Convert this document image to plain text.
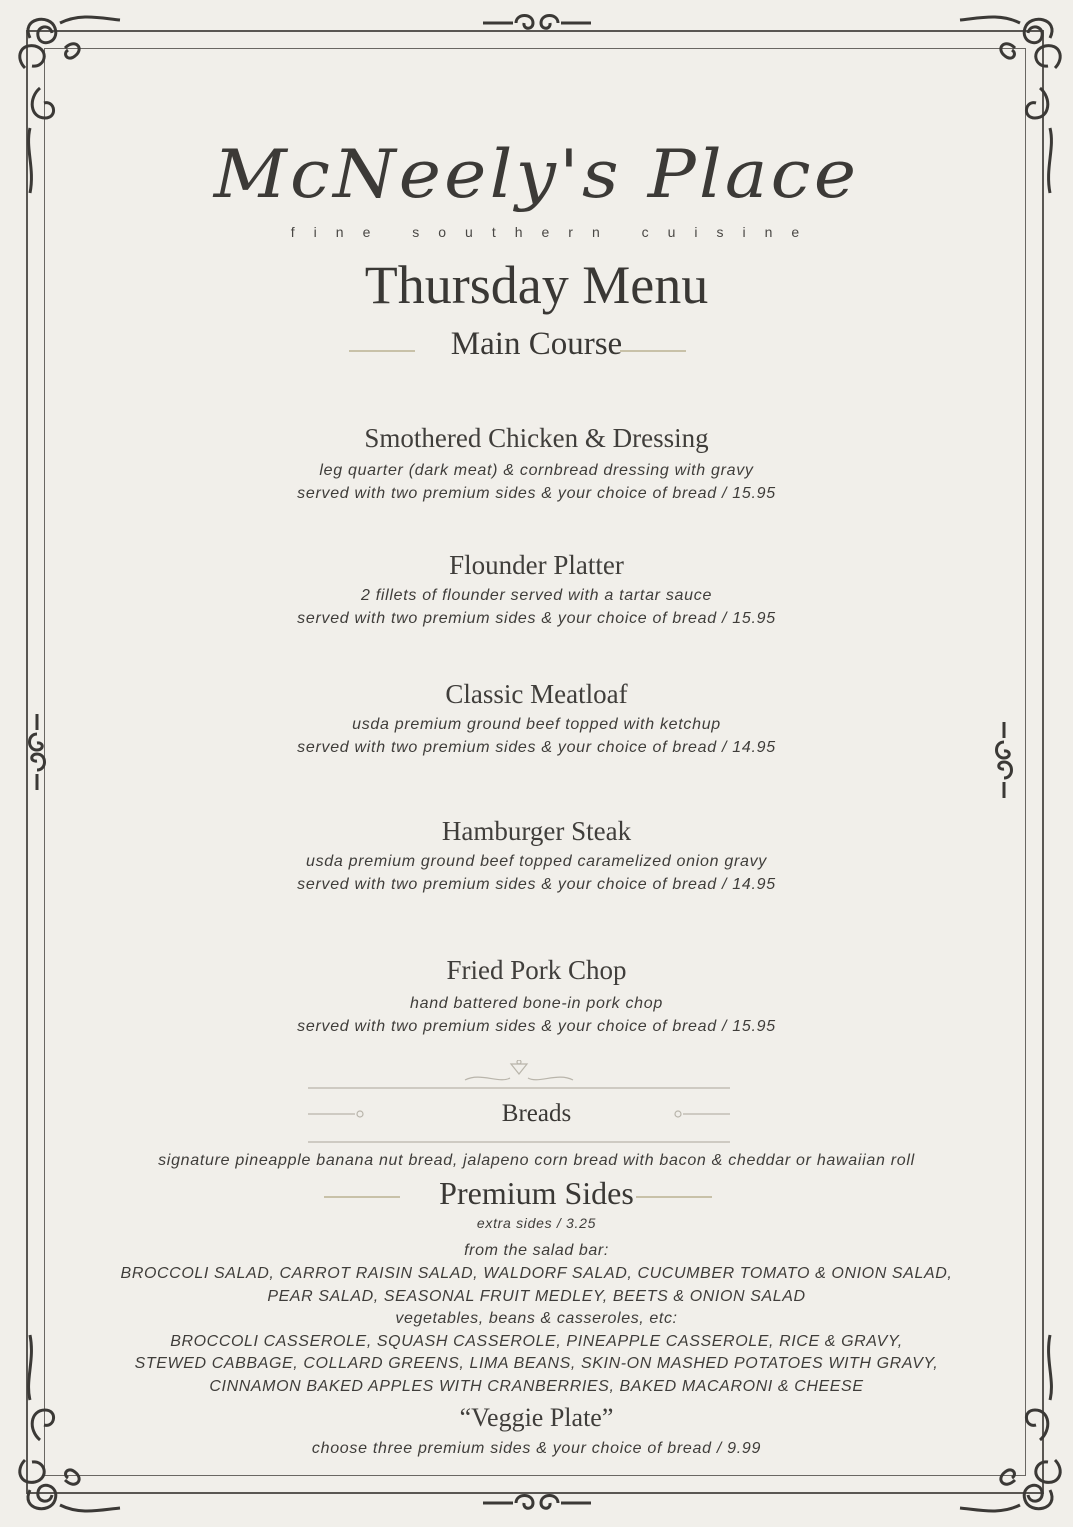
McNeely's Place
fine southern cuisine
Thursday Menu
Main Course
Smothered Chicken & Dressing
leg quarter (dark meat) & cornbread dressing with gravy
served with two premium sides & your choice of bread / 15.95
Flounder Platter
2 fillets of flounder served with a tartar sauce
served with two premium sides & your choice of bread / 15.95
Classic Meatloaf
usda premium ground beef topped with ketchup
served with two premium sides & your choice of bread / 14.95
Hamburger Steak
usda premium ground beef topped caramelized onion gravy
served with two premium sides & your choice of bread / 14.95
Fried Pork Chop
hand battered bone-in pork chop
served with two premium sides & your choice of bread / 15.95
Breads
signature pineapple banana nut bread, jalapeno corn bread with bacon & cheddar or hawaiian roll
Premium Sides
extra sides / 3.25
from the salad bar:
BROCCOLI SALAD, CARROT RAISIN SALAD, WALDORF SALAD, CUCUMBER TOMATO & ONION SALAD,
PEAR SALAD, SEASONAL FRUIT MEDLEY, BEETS & ONION SALAD
vegetables, beans & casseroles, etc:
BROCCOLI CASSEROLE, SQUASH CASSEROLE, PINEAPPLE CASSEROLE, RICE & GRAVY,
STEWED CABBAGE, COLLARD GREENS, LIMA BEANS, SKIN-ON MASHED POTATOES WITH GRAVY,
CINNAMON BAKED APPLES WITH CRANBERRIES, BAKED MACARONI & CHEESE
“Veggie Plate”
choose three premium sides & your choice of bread / 9.99
